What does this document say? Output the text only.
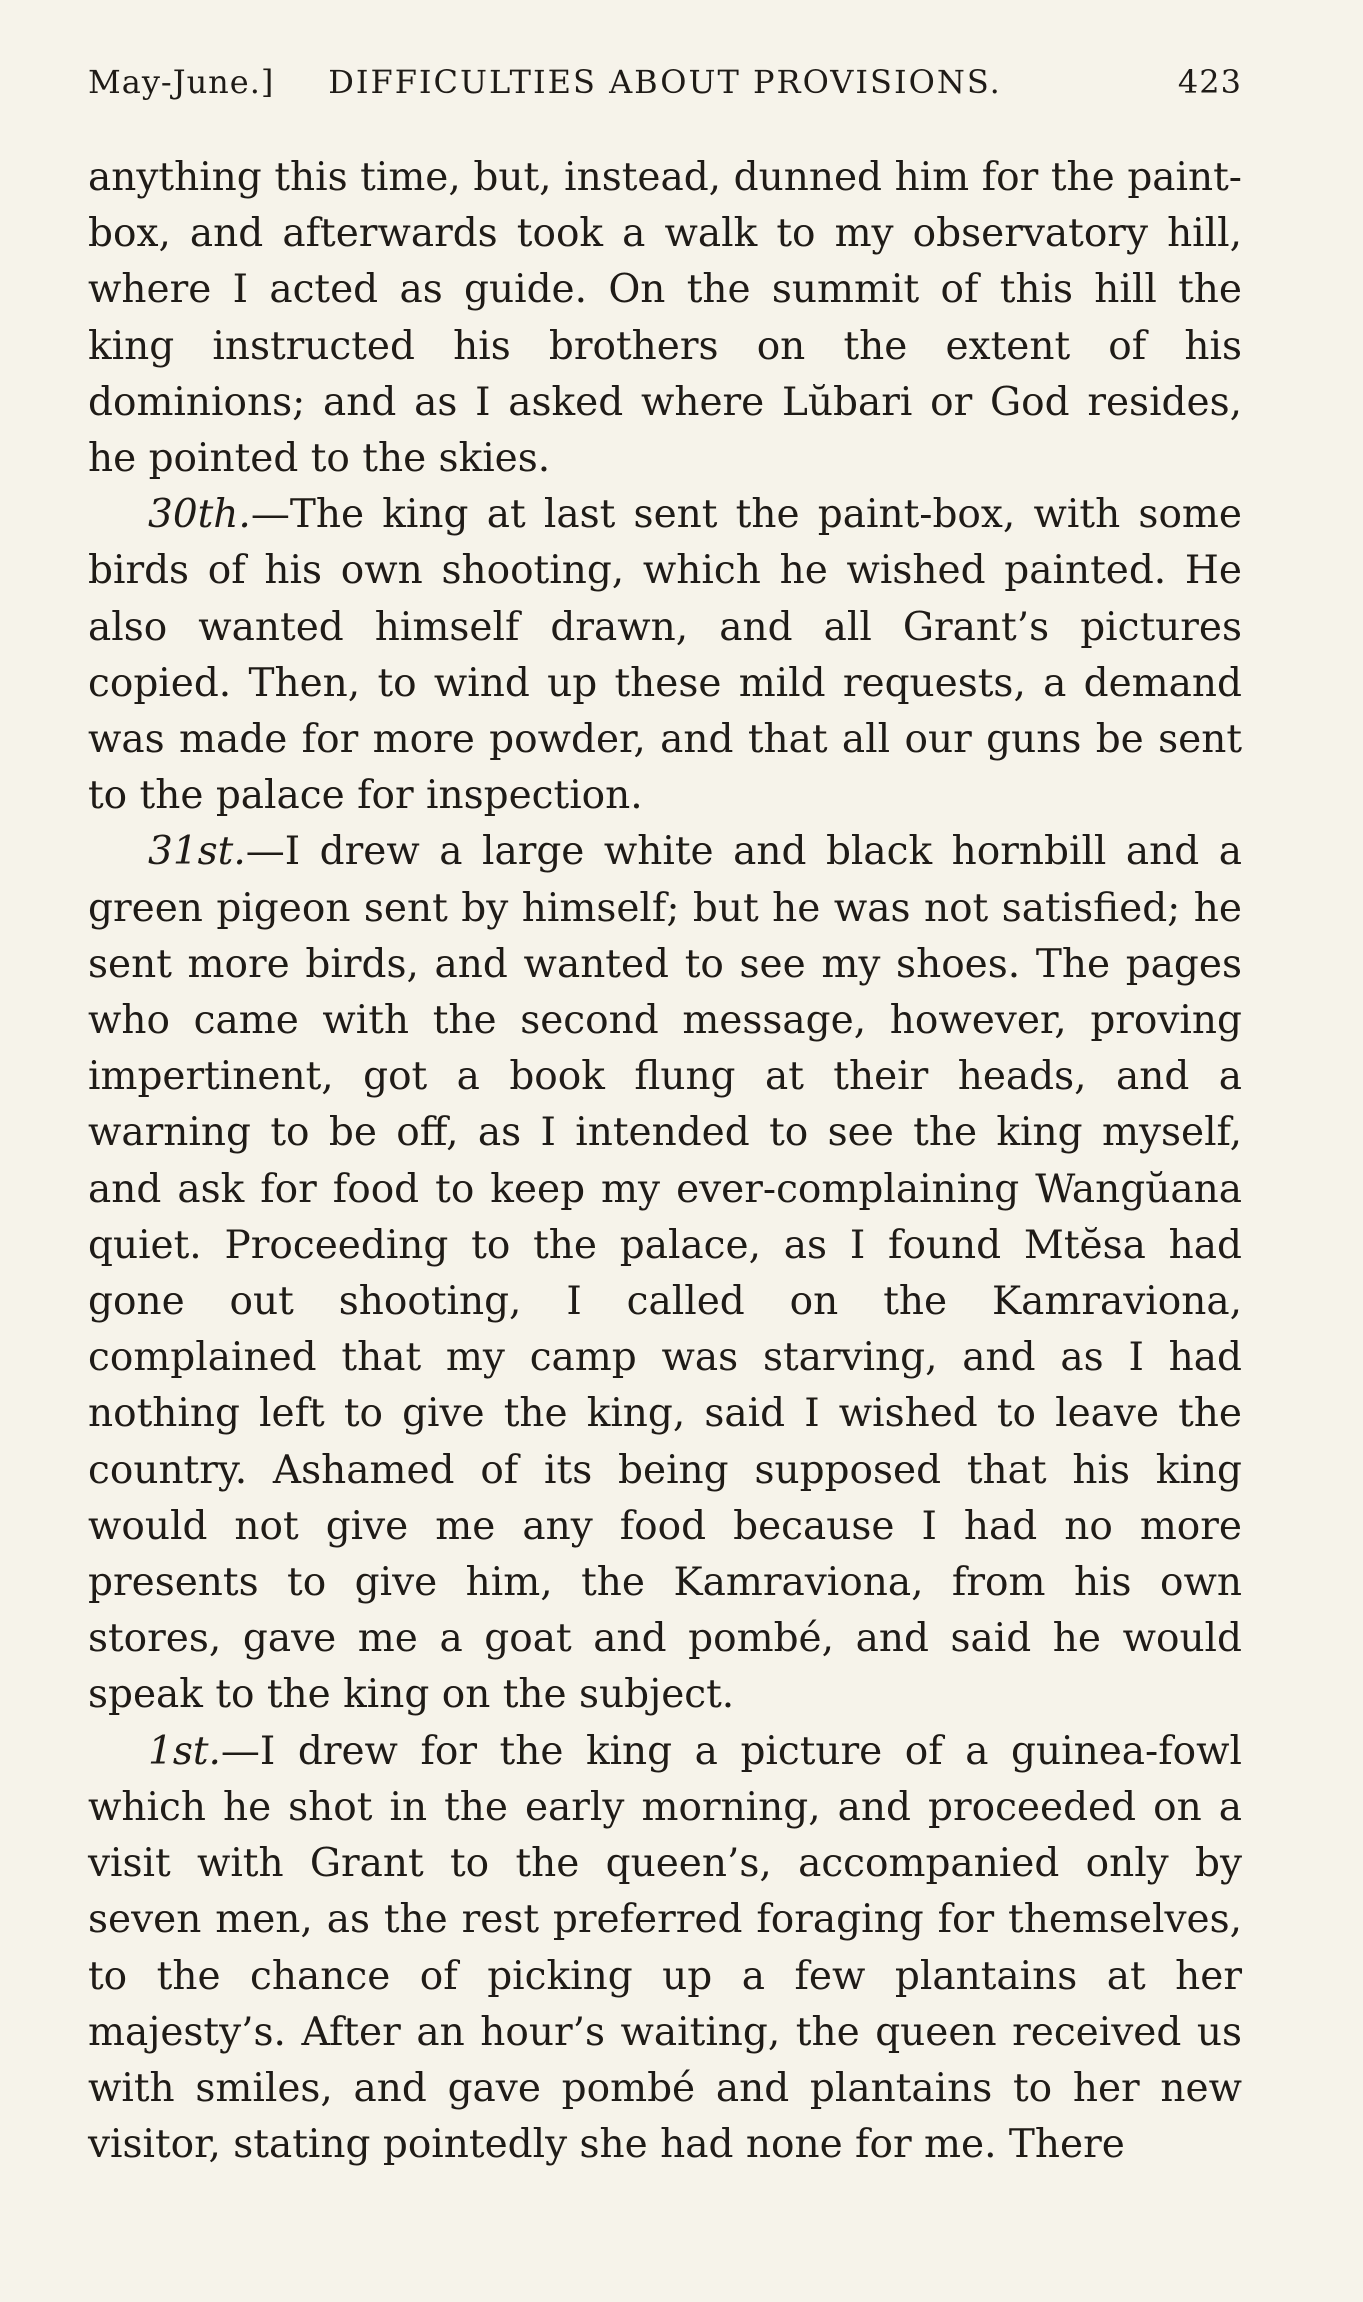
May-June.]	DIFFICULTIES ABOUT PROVISIONS.	423

anything this time, but, instead, dunned him for the paint-box, and afterwards took a walk to my observatory hill, where I acted as guide. On the summit of this hill the king instructed his brothers on the extent of his dominions; and as I asked where Lŭbari or God resides, he pointed to the skies.

30th.—The king at last sent the paint-box, with some birds of his own shooting, which he wished painted. He also wanted himself drawn, and all Grant’s pictures copied. Then, to wind up these mild requests, a demand was made for more powder, and that all our guns be sent to the palace for inspection.

31st.—I drew a large white and black hornbill and a green pigeon sent by himself; but he was not satisfied; he sent more birds, and wanted to see my shoes. The pages who came with the second message, however, proving impertinent, got a book flung at their heads, and a warning to be off, as I intended to see the king myself, and ask for food to keep my ever-complaining Wangŭana quiet. Proceeding to the palace, as I found Mtĕsa had gone out shooting, I called on the Kamraviona, complained that my camp was starving, and as I had nothing left to give the king, said I wished to leave the country. Ashamed of its being supposed that his king would not give me any food because I had no more presents to give him, the Kamraviona, from his own stores, gave me a goat and pombé, and said he would speak to the king on the subject.

1st.—I drew for the king a picture of a guinea-fowl which he shot in the early morning, and proceeded on a visit with Grant to the queen’s, accompanied only by seven men, as the rest preferred foraging for themselves, to the chance of picking up a few plantains at her majesty’s. After an hour’s waiting, the queen received us with smiles, and gave pombé and plantains to her new visitor, stating pointedly she had none for me. There
